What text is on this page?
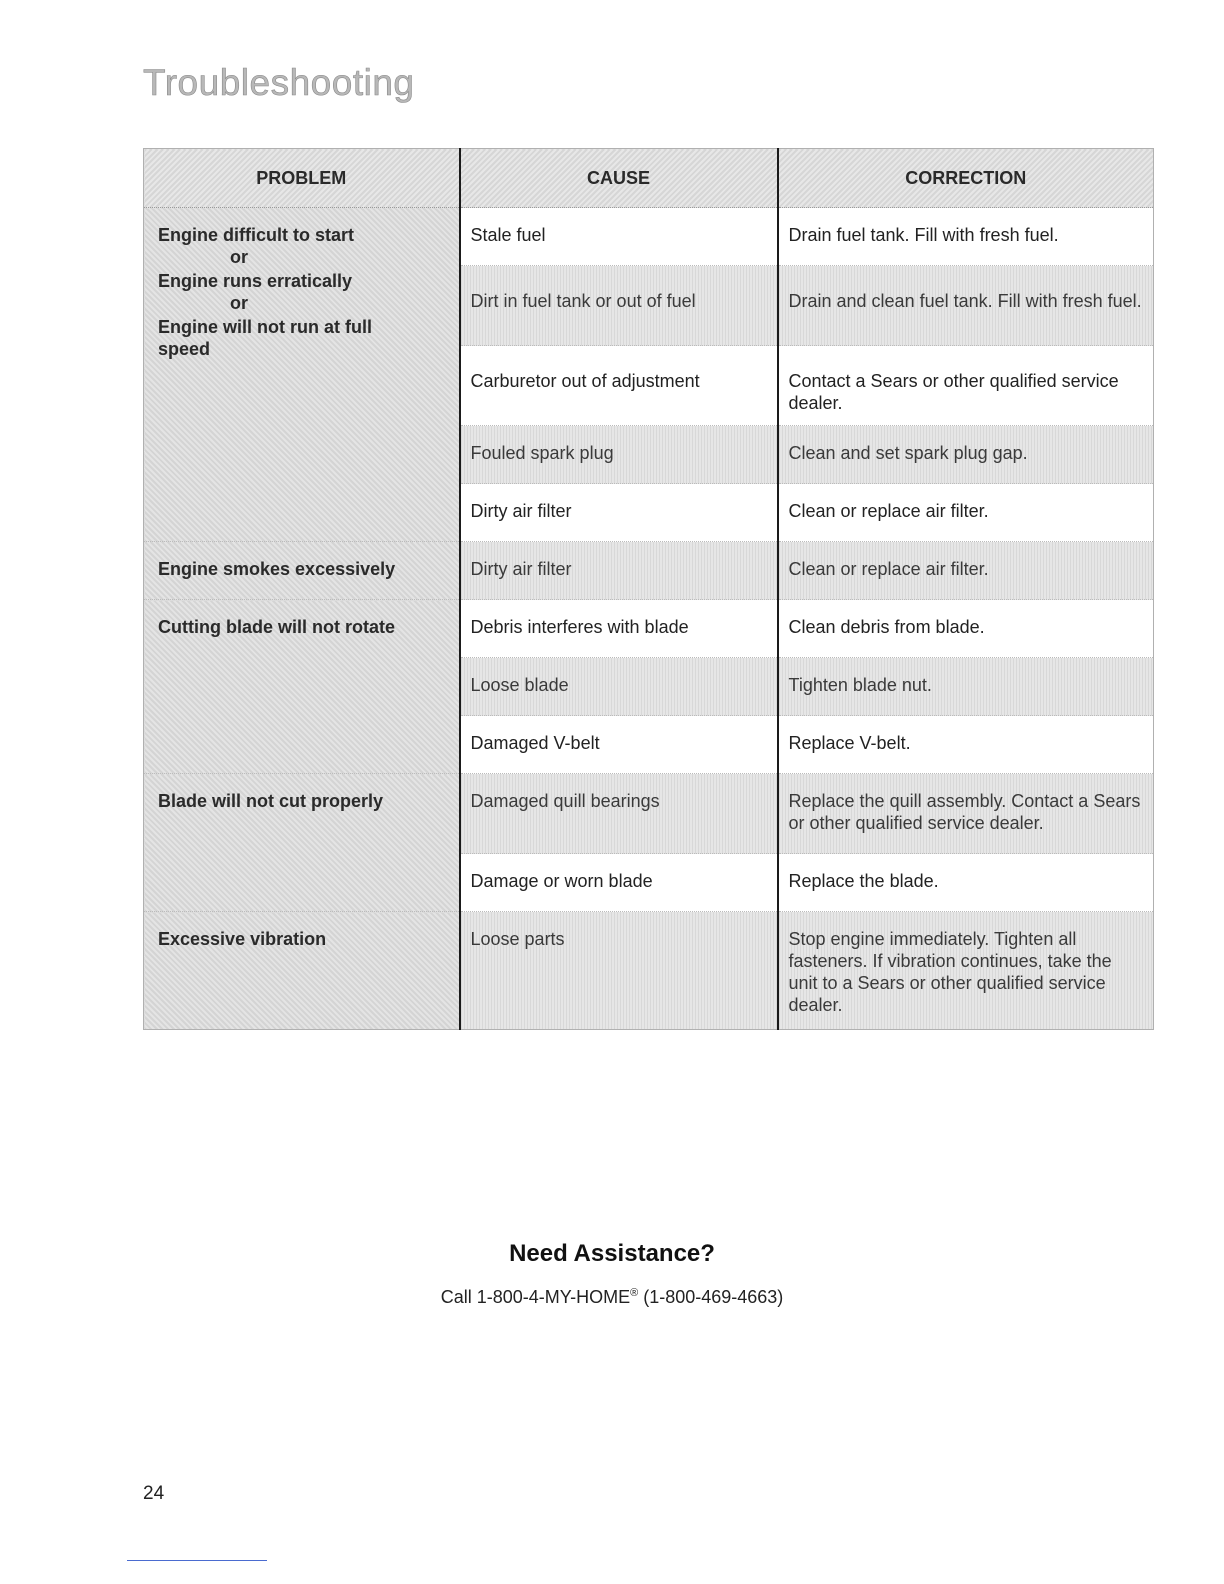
Troubleshooting
PROBLEM	CAUSE	CORRECTION

Engine difficult to start
or
Engine runs erratically
or
Engine will not run at full speed	Stale fuel	Drain fuel tank. Fill with fresh fuel.
	Dirt in fuel tank or out of fuel	Drain and clean fuel tank. Fill with fresh fuel.
	Carburetor out of adjustment	Contact a Sears or other qualified service dealer.
	Fouled spark plug	Clean and set spark plug gap.
	Dirty air filter	Clean or replace air filter.
Engine smokes excessively	Dirty air filter	Clean or replace air filter.
Cutting blade will not rotate	Debris interferes with blade	Clean debris from blade.
	Loose blade	Tighten blade nut.
	Damaged V-belt	Replace V-belt.
Blade will not cut properly	Damaged quill bearings	Replace the quill assembly. Contact a Sears or other qualified service dealer.
	Damage or worn blade	Replace the blade.
Excessive vibration	Loose parts	Stop engine immediately. Tighten all fasteners. If vibration continues, take the unit to a Sears or other qualified service dealer.
Need Assistance?
Call 1-800-4-MY-HOME® (1-800-469-4663)
24
